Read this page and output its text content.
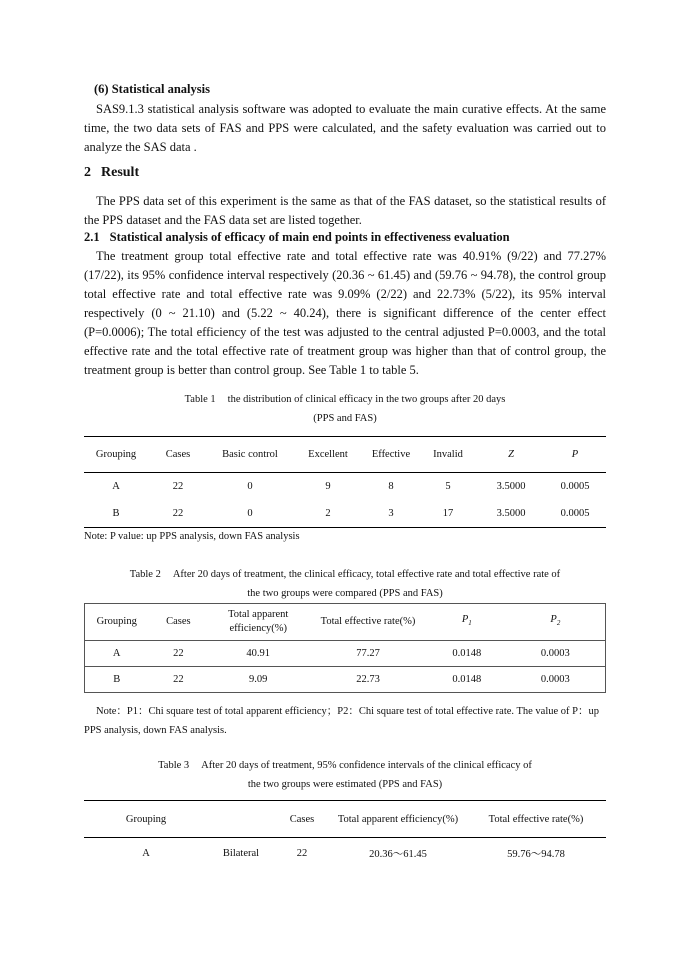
(6) Statistical analysis
SAS9.1.3 statistical analysis software was adopted to evaluate the main curative effects. At the same time, the two data sets of FAS and PPS were calculated, and the safety evaluation was carried out to analyze the SAS data .
2 Result
The PPS data set of this experiment is the same as that of the FAS dataset, so the statistical results of the PPS dataset and the FAS data set are listed together.
2.1 Statistical analysis of efficacy of main end points in effectiveness evaluation
The treatment group total effective rate and total effective rate was 40.91% (9/22) and 77.27% (17/22), its 95% confidence interval respectively (20.36 ~ 61.45) and (59.76 ~ 94.78), the control group total effective rate and total effective rate was 9.09% (2/22) and 22.73% (5/22), its 95% interval respectively (0 ~ 21.10) and (5.22 ~ 40.24), there is significant difference of the center effect (P=0.0006); The total efficiency of the test was adjusted to the central adjusted P=0.0003, and the total effective rate and the total effective rate of treatment group was higher than that of control group, the treatment group is better than control group. See Table 1 to table 5.
Table 1 the distribution of clinical efficacy in the two groups after 20 days
(PPS and FAS)
Grouping	Cases	Basic control	Excellent	Effective	Invalid	Z	P
A	22	0	9	8	5	3.5000	0.0005
B	22	0	2	3	17	3.5000	0.0005
Note: P value: up PPS analysis, down FAS analysis
Table 2 After 20 days of treatment, the clinical efficacy, total effective rate and total effective rate of
the two groups were compared (PPS and FAS)
Grouping	Cases	Total apparent efficiency(%)	Total effective rate(%)	$P_1$	$P_2$
A	22	40.91	77.27	0.0148	0.0003
B	22	9.09	22.73	0.0148	0.0003
Note：P1：Chi square test of total apparent efficiency；P2：Chi square test of total effective rate. The value of P：up PPS analysis, down FAS analysis.
Table 3 After 20 days of treatment, 95% confidence intervals of the clinical efficacy of
the two groups were estimated (PPS and FAS)
Grouping		Cases	Total apparent efficiency(%)	Total effective rate(%)
A	Bilateral	22	20.36～61.45	59.76～94.78
